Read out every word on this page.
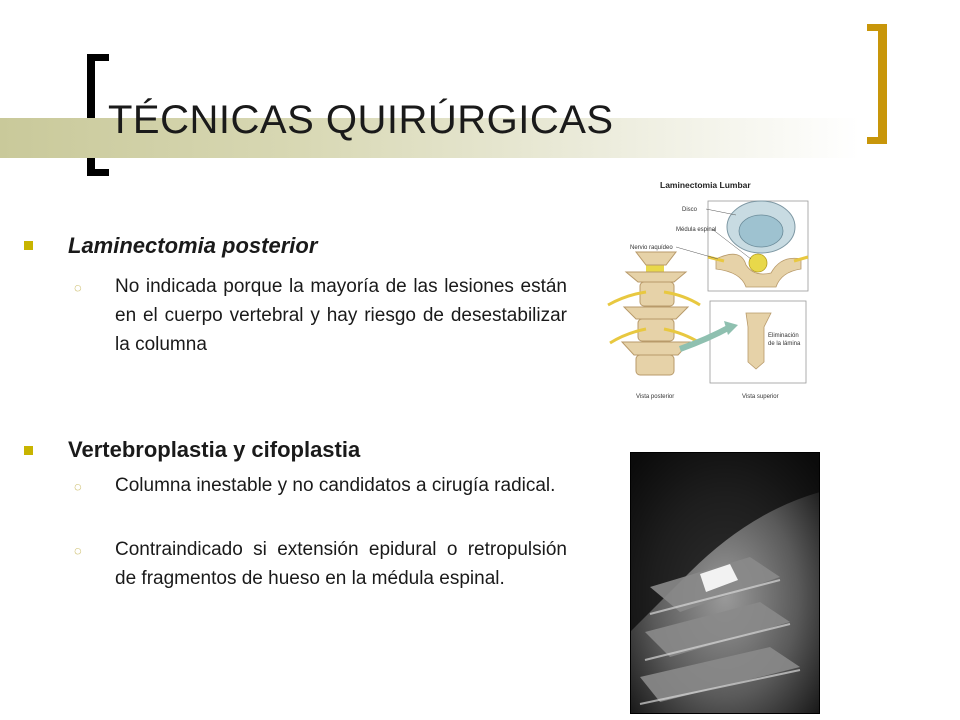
TÉCNICAS QUIRÚRGICAS
Laminectomia posterior
◌ No indicada porque la mayoría de las lesiones están en el cuerpo vertebral y hay riesgo de desestabilizar la columna
Vertebroplastia y cifoplastia
◌ Columna inestable y no candidatos a cirugía radical.
◌ Contraindicado si extensión epidural o retropulsión de fragmentos de hueso en la médula espinal.
Laminectomia Lumbar
Disco
Médula espinal
Nervio raquídeo
Eliminación de la lámina
Vista posterior	Vista superior
